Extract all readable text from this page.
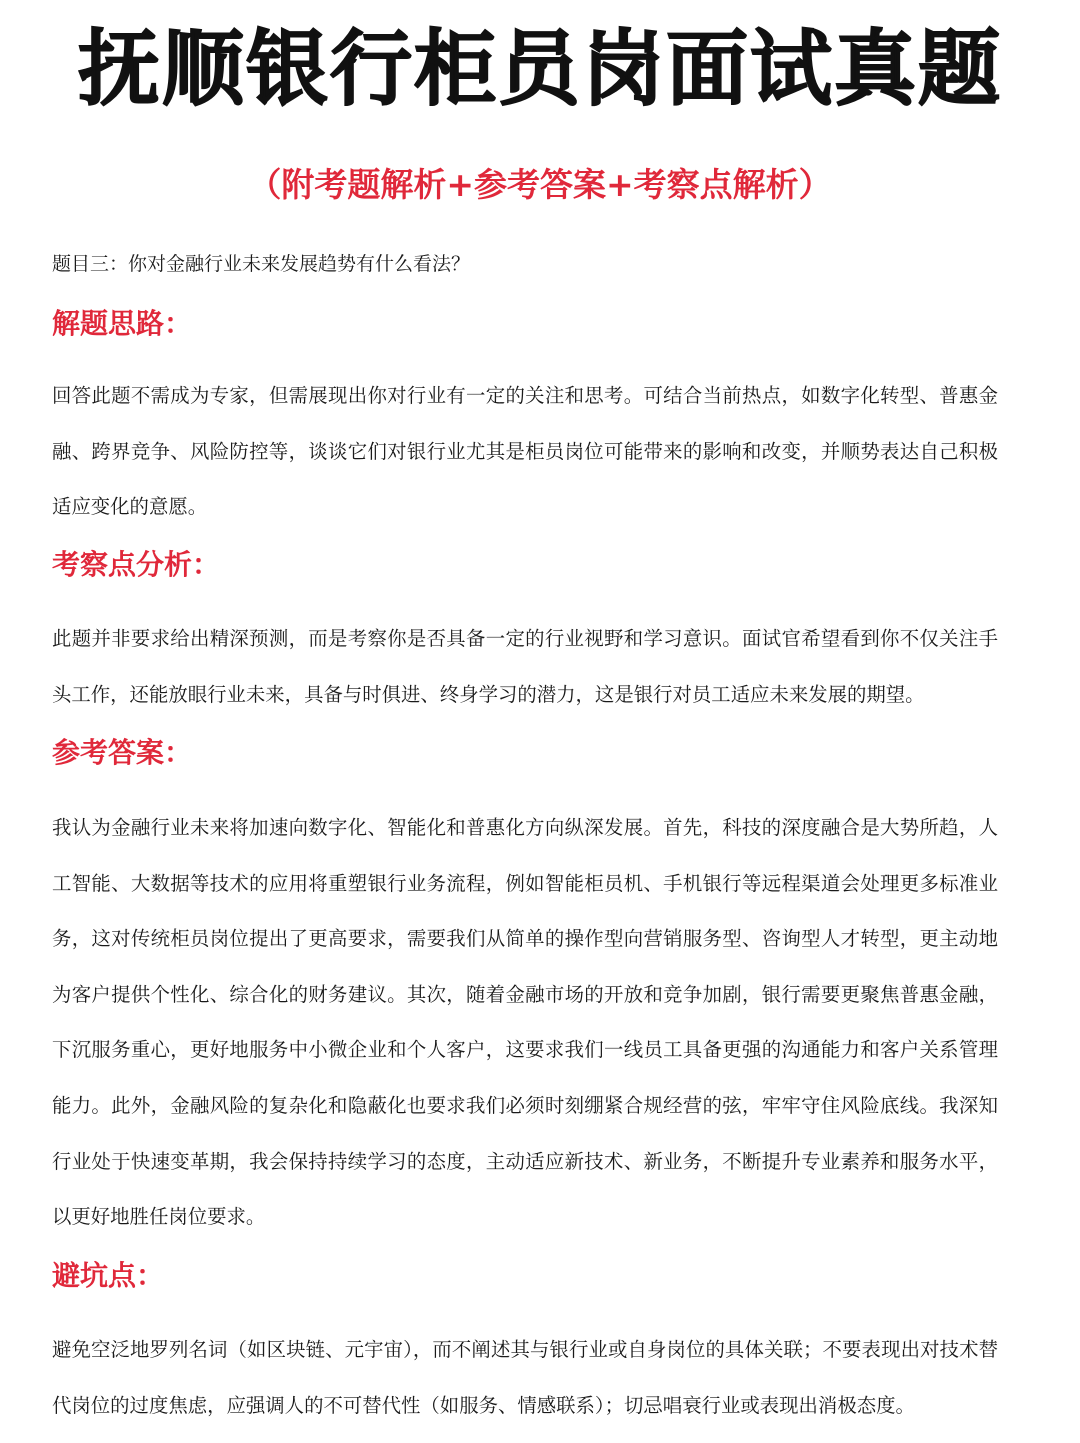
抚顺银行柜员岗面试真题
（附考题解析+参考答案+考察点解析）

题目三：你对金融行业未来发展趋势有什么看法？

解题思路：

回答此题不需成为专家，但需展现出你对行业有一定的关注和思考。可结合当前热点，如数字化转型、普惠金融、跨界竞争、风险防控等，谈谈它们对银行业尤其是柜员岗位可能带来的影响和改变，并顺势表达自己积极适应变化的意愿。

考察点分析：

此题并非要求给出精深预测，而是考察你是否具备一定的行业视野和学习意识。面试官希望看到你不仅关注手头工作，还能放眼行业未来，具备与时俱进、终身学习的潜力，这是银行对员工适应未来发展的期望。

参考答案：

我认为金融行业未来将加速向数字化、智能化和普惠化方向纵深发展。首先，科技的深度融合是大势所趋，人工智能、大数据等技术的应用将重塑银行业务流程，例如智能柜员机、手机银行等远程渠道会处理更多标准业务，这对传统柜员岗位提出了更高要求，需要我们从简单的操作型向营销服务型、咨询型人才转型，更主动地为客户提供个性化、综合化的财务建议。其次，随着金融市场的开放和竞争加剧，银行需要更聚焦普惠金融，下沉服务重心，更好地服务中小微企业和个人客户，这要求我们一线员工具备更强的沟通能力和客户关系管理能力。此外，金融风险的复杂化和隐蔽化也要求我们必须时刻绷紧合规经营的弦，牢牢守住风险底线。我深知行业处于快速变革期，我会保持持续学习的态度，主动适应新技术、新业务，不断提升专业素养和服务水平，以更好地胜任岗位要求。

避坑点：

避免空泛地罗列名词（如区块链、元宇宙），而不阐述其与银行业或自身岗位的具体关联；不要表现出对技术替代岗位的过度焦虑，应强调人的不可替代性（如服务、情感联系）；切忌唱衰行业或表现出消极态度。
